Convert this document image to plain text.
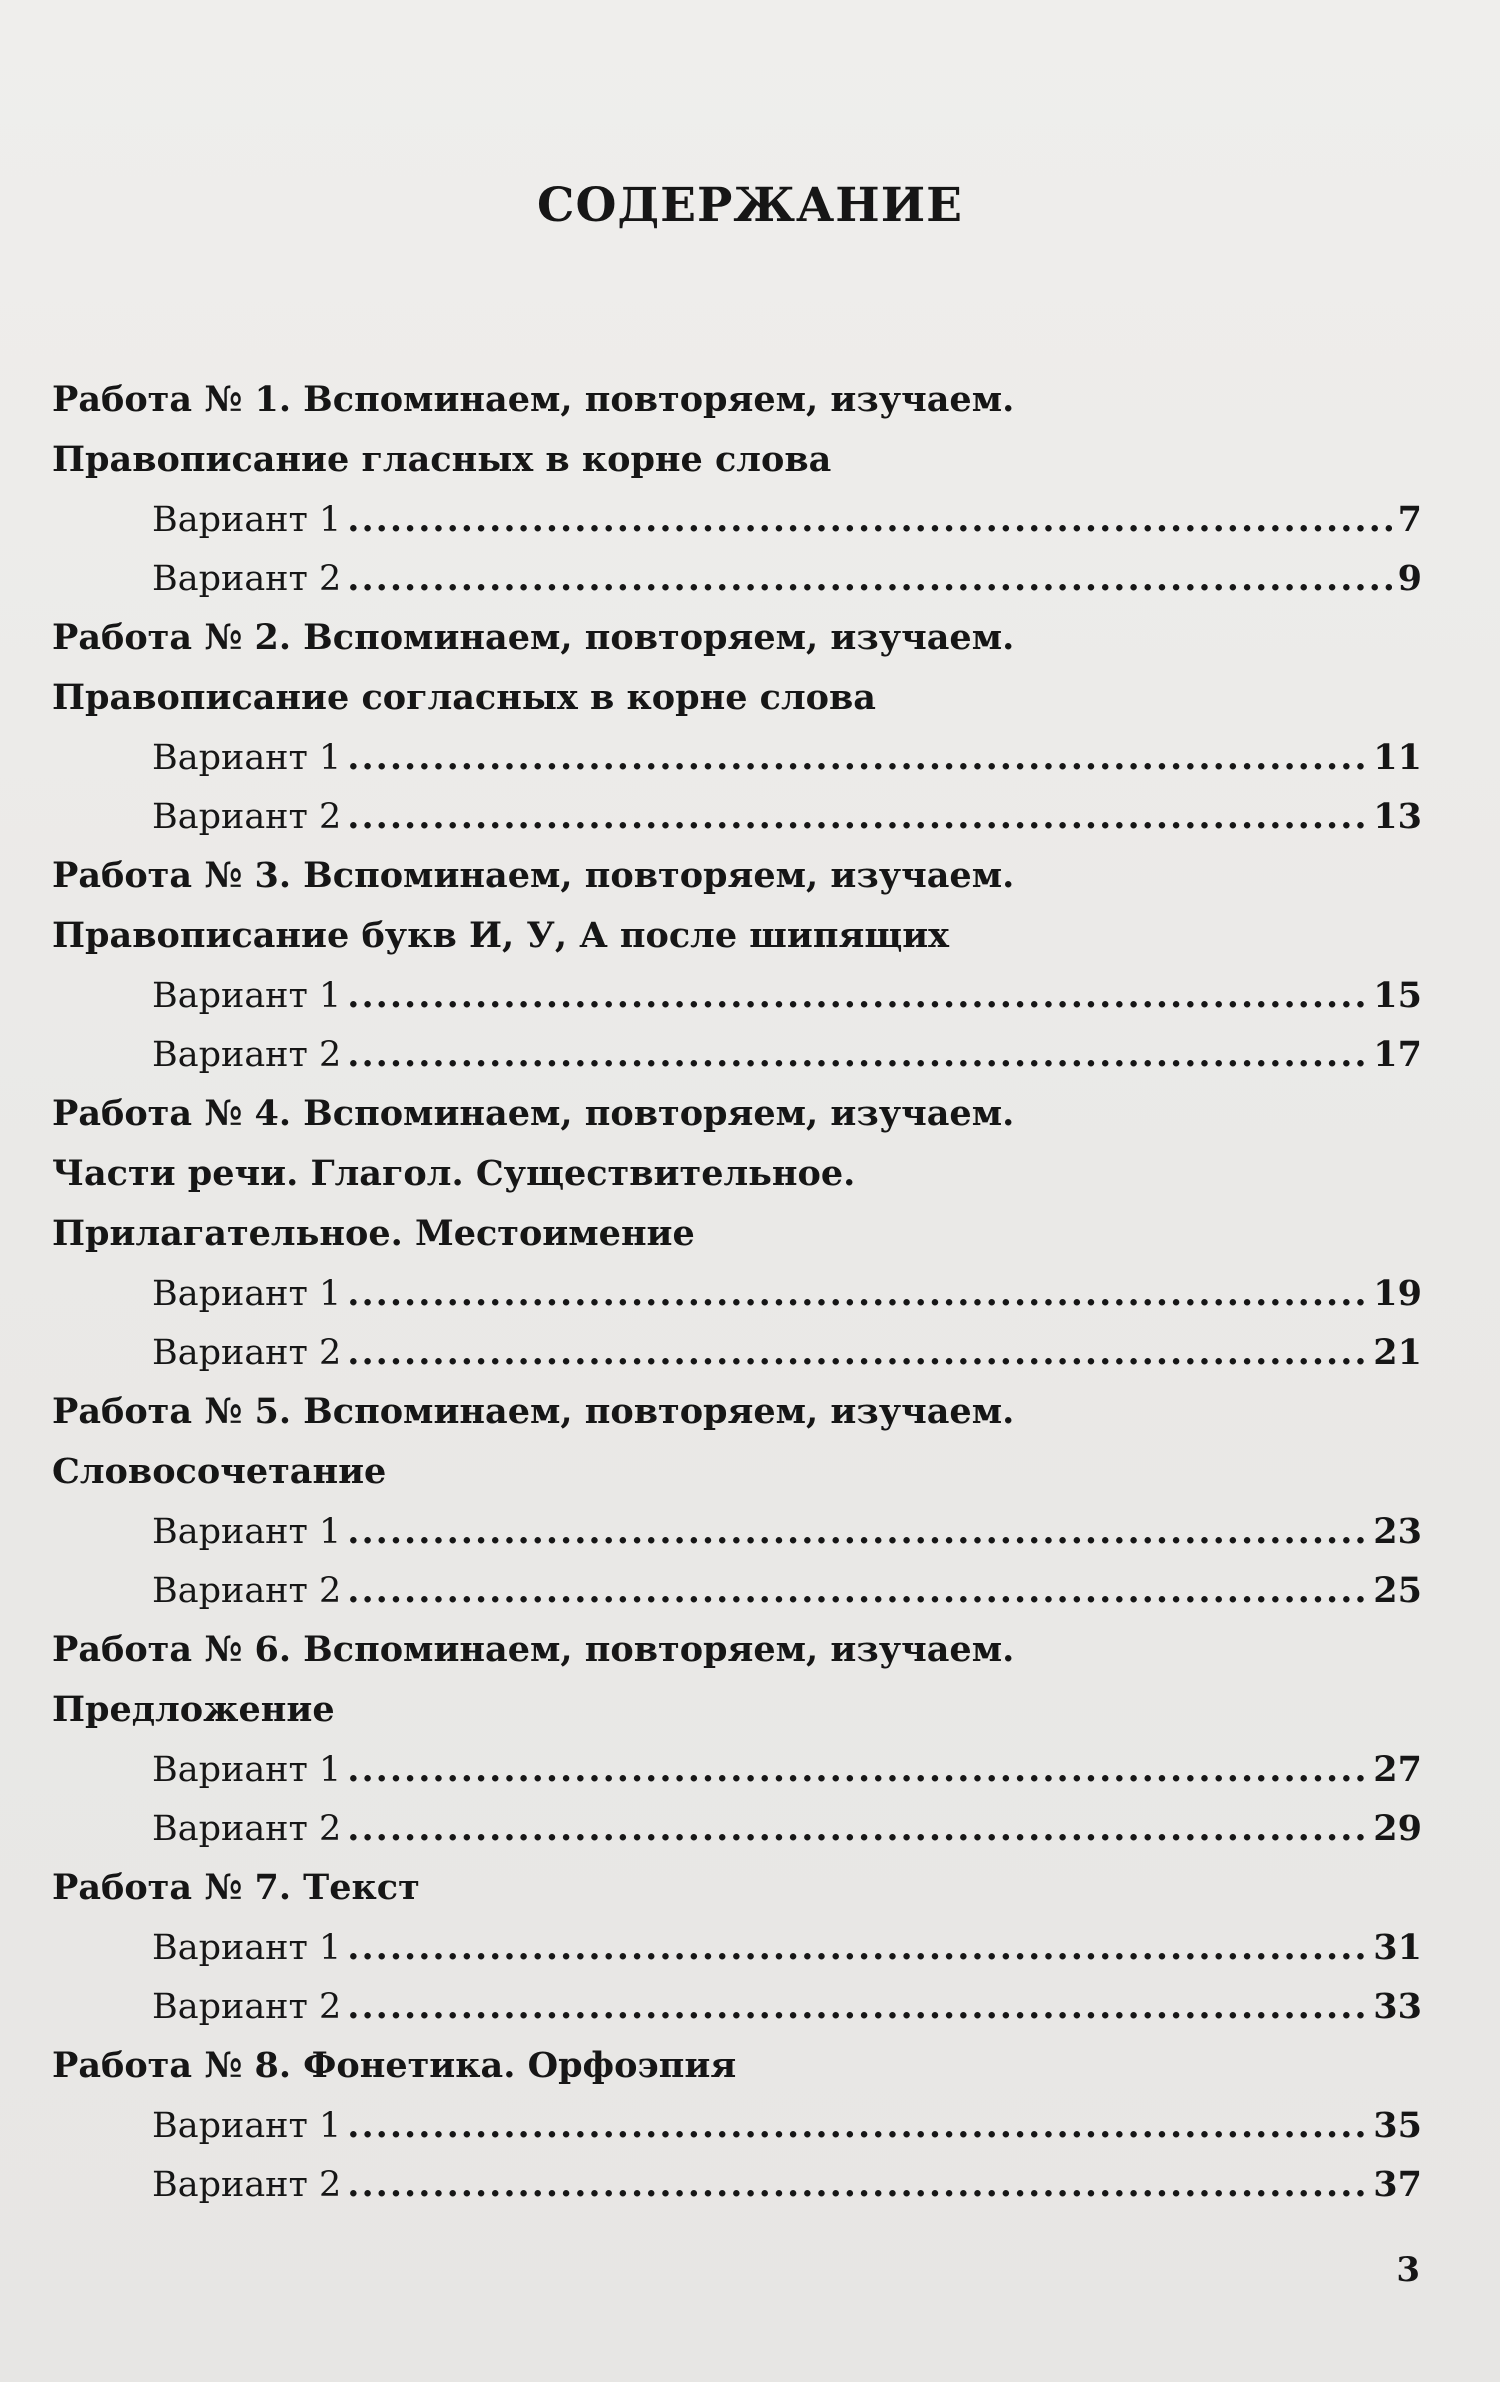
СОДЕРЖАНИЕ
Работа № 1. Вспоминаем, повторяем, изучаем.
Правописание гласных в корне слова
Вариант 1 .....	7
Вариант 2 .....	9
Работа № 2. Вспоминаем, повторяем, изучаем.
Правописание согласных в корне слова
Вариант 1 .....	11
Вариант 2 .....	13
Работа № 3. Вспоминаем, повторяем, изучаем.
Правописание букв И, У, А после шипящих
Вариант 1 .....	15
Вариант 2 .....	17
Работа № 4. Вспоминаем, повторяем, изучаем.
Части речи. Глагол. Существительное.
Прилагательное. Местоимение
Вариант 1 .....	19
Вариант 2 .....	21
Работа № 5. Вспоминаем, повторяем, изучаем.
Словосочетание
Вариант 1 .....	23
Вариант 2 .....	25
Работа № 6. Вспоминаем, повторяем, изучаем.
Предложение
Вариант 1 .....	27
Вариант 2 .....	29
Работа № 7. Текст
Вариант 1 .....	31
Вариант 2 .....	33
Работа № 8. Фонетика. Орфоэпия
Вариант 1 .....	35
Вариант 2 .....	37
3
